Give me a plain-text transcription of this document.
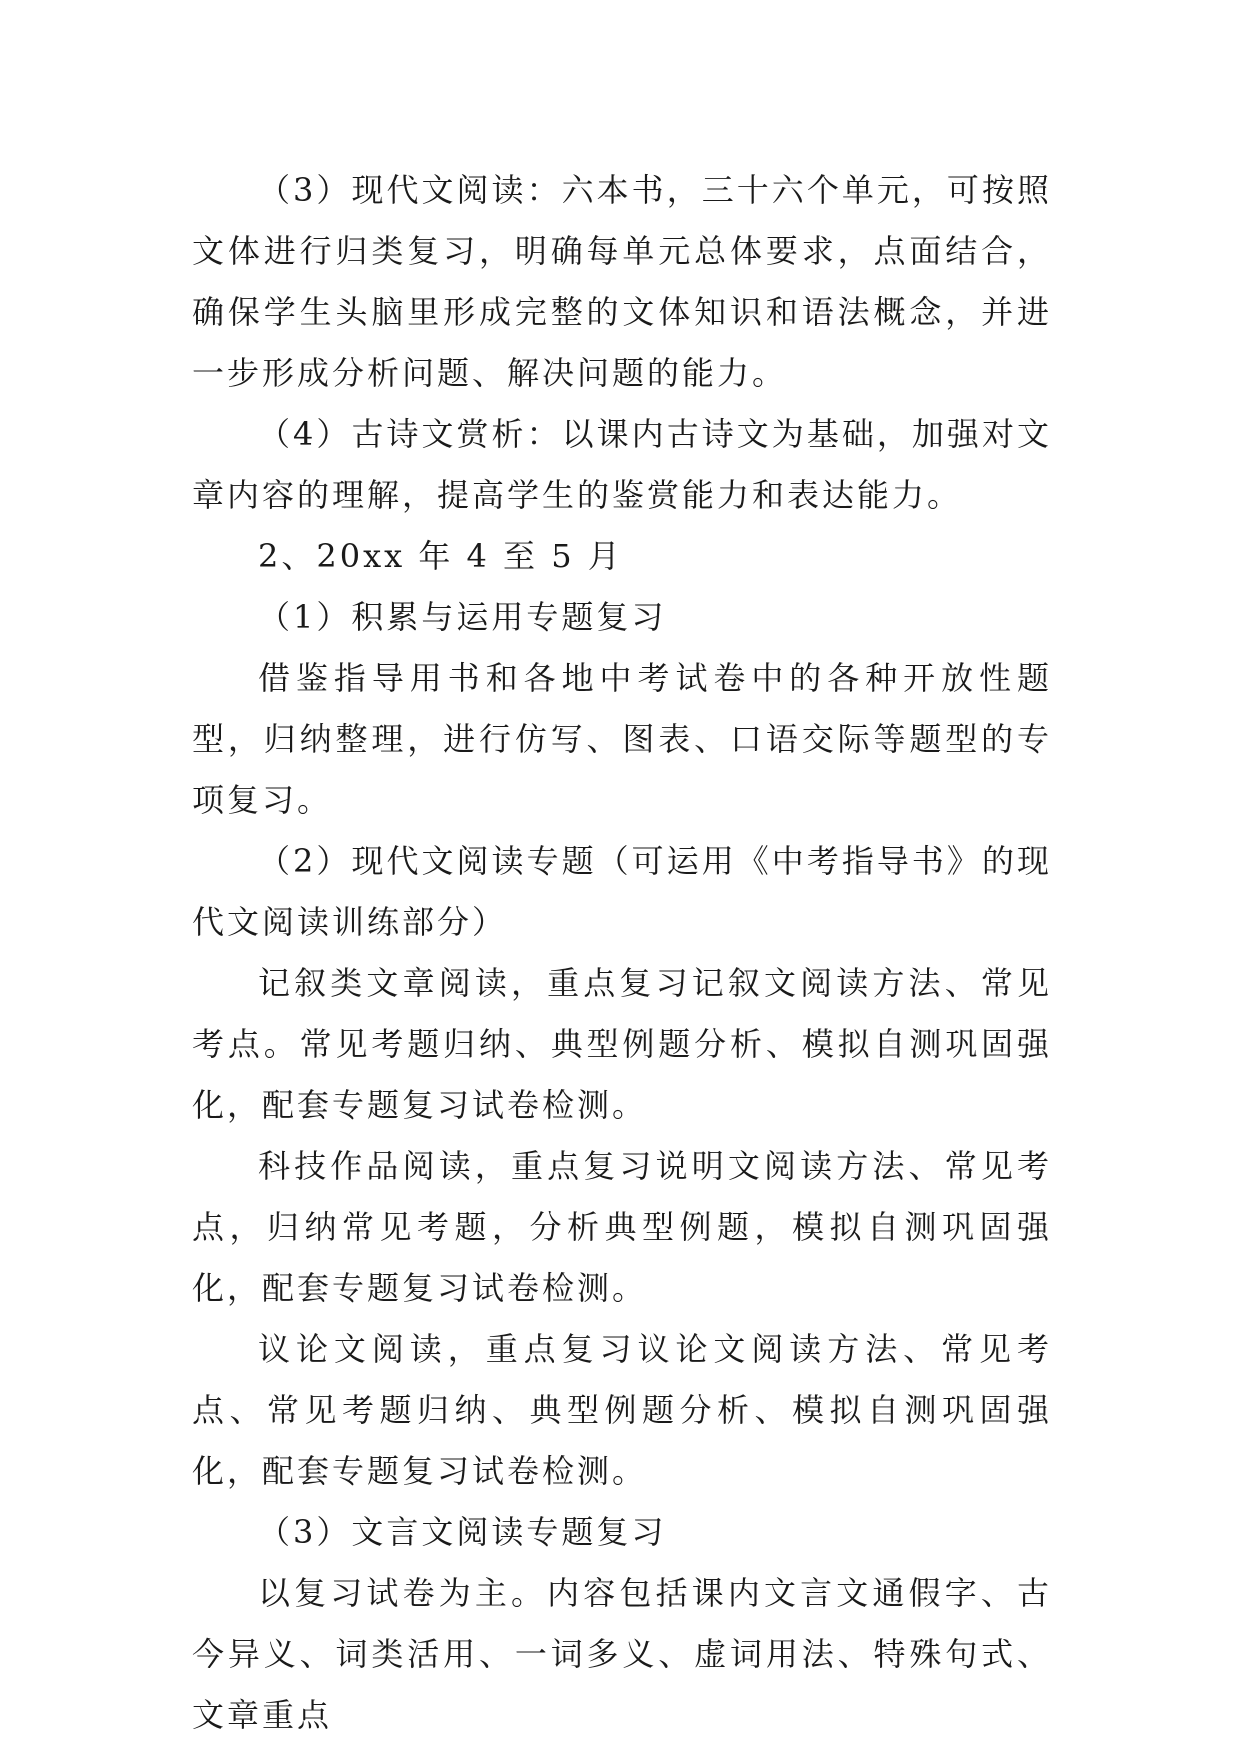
（3）现代文阅读：六本书，三十六个单元，可按照文体进行归类复习，明确每单元总体要求，点面结合，确保学生头脑里形成完整的文体知识和语法概念，并进一步形成分析问题、解决问题的能力。

（4）古诗文赏析：以课内古诗文为基础，加强对文章内容的理解，提高学生的鉴赏能力和表达能力。

2、20xx 年 4 至 5 月

（1）积累与运用专题复习

借鉴指导用书和各地中考试卷中的各种开放性题型，归纳整理，进行仿写、图表、口语交际等题型的专项复习。

（2）现代文阅读专题（可运用《中考指导书》的现代文阅读训练部分）

记叙类文章阅读，重点复习记叙文阅读方法、常见考点。常见考题归纳、典型例题分析、模拟自测巩固强化，配套专题复习试卷检测。

科技作品阅读，重点复习说明文阅读方法、常见考点，归纳常见考题，分析典型例题，模拟自测巩固强化，配套专题复习试卷检测。

议论文阅读，重点复习议论文阅读方法、常见考点、常见考题归纳、典型例题分析、模拟自测巩固强化，配套专题复习试卷检测。

（3）文言文阅读专题复习

以复习试卷为主。内容包括课内文言文通假字、古今异义、词类活用、一词多义、虚词用法、特殊句式、文章重点
